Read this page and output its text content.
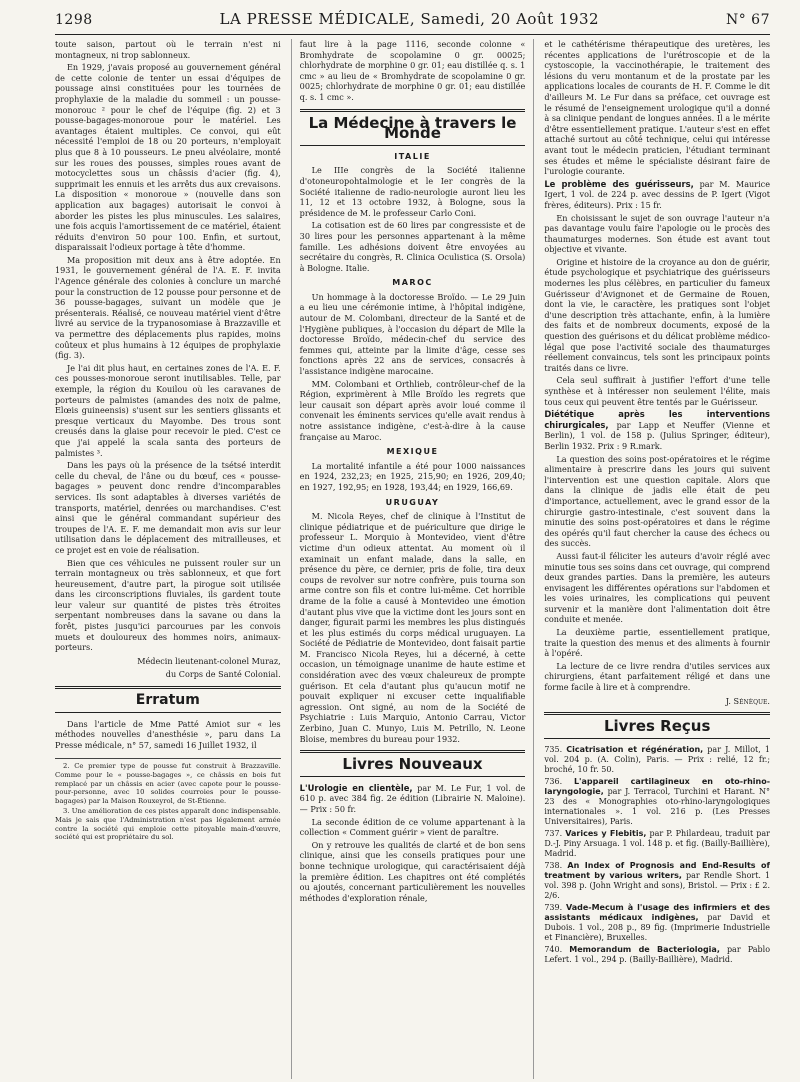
1298	LA PRESSE MÉDICALE, Samedi, 20 Août 1932	N° 67

toute saison, partout où le terrain n'est ni montagneux, ni trop sablonneux.

En 1929, j'avais proposé au gouvernement général de cette colonie de tenter un essai d'équipes de poussage ainsi constituées pour les tournées de prophylaxie de la maladie du sommeil : un pousse-monorouc ² pour le chef de l'équipe (fig. 2) et 3 pousse-bagages-monoroue pour le matériel. Les avantages étaient multiples. Ce convoi, qui eût nécessité l'emploi de 18 ou 20 porteurs, n'employait plus que 8 à 10 pousseurs. Le pneu alvéolaire, monté sur les roues des pousses, simples roues avant de motocyclettes sous un châssis d'acier (fig. 4), supprimait les ennuis et les arrêts dus aux crevaisons. La disposition « monoroue » (nouvelle dans son application aux bagages) autorisait le convoi à aborder les pistes les plus minuscules. Les salaires, une fois acquis l'amortissement de ce matériel, étaient réduits d'environ 50 pour 100. Enfin, et surtout, disparaissait l'odieux portage à tête d'homme.

Ma proposition mit deux ans à être adoptée. En 1931, le gouvernement général de l'A. E. F. invita l'Agence générale des colonies à conclure un marché pour la construction de 12 pousse pour personne et de 36 pousse-bagages, suivant un modèle que je présenterais. Réalisé, ce nouveau matériel vient d'être livré au service de la trypanosomiase à Brazzaville et va permettre des déplacements plus rapides, moins coûteux et plus humains à 12 équipes de prophylaxie (fig. 3).

Je l'ai dit plus haut, en certaines zones de l'A. E. F. ces pousses-monoroue seront inutilisables. Telle, par exemple, la région du Kouilou où les caravanes de porteurs de palmistes (amandes des noix de palme, Elœis guineensis) s'usent sur les sentiers glissants et presque verticaux du Mayombe. Des trous sont creusés dans la glaise pour recevoir le pied. C'est ce que j'ai appelé la scala santa des porteurs de palmistes ³.

Dans les pays où la présence de la tsétsé interdit celle du cheval, de l'âne ou du bœuf, ces « pousse-bagages » peuvent donc rendre d'incomparables services. Ils sont adaptables à diverses variétés de transports, matériel, denrées ou marchandises. C'est ainsi que le général commandant supérieur des troupes de l'A. E. F. me demandait mon avis sur leur utilisation dans le déplacement des mitrailleuses, et ce projet est en voie de réalisation.

Bien que ces véhicules ne puissent rouler sur un terrain montagneux ou très sablonneux, et que fort heureusement, d'autre part, la pirogue soit utilisée dans les circonscriptions fluviales, ils gardent toute leur valeur sur quantité de pistes très étroites serpentant nombreuses dans la savane ou dans la forêt, pistes jusqu'ici parcourues par les convois muets et douloureux des hommes noirs, animaux-porteurs.

Médecin lieutenant-colonel Muraz,

du Corps de Santé Colonial.

Erratum

Dans l'article de Mme Patté Amiot sur « les méthodes nouvelles d'anesthésie », paru dans La Presse médicale, n° 57, samedi 16 Juillet 1932, il

2. Ce premier type de pousse fut construit à Brazzaville. Comme pour le « pousse-bagages », ce châssis en bois fut remplacé par un châssis en acier (avec capote pour le pousse-pour-personne, avec 10 solides courroies pour le pousse-bagages) par la Maison Rouxeyrol, de St-Étienne.

3. Une amélioration de ces pistes apparaît donc indispensable. Mais je sais que l'Administration n'est pas légalement armée contre la société qui emploie cette pitoyable main-d'œuvre, société qui est propriétaire du sol.

faut lire à la page 1116, seconde colonne « Bromhydrate de scopolamine 0 gr. 00025; chlorhydrate de morphine 0 gr. 01; eau distillée q. s. 1 cmc » au lieu de « Bromhydrate de scopolamine 0 gr. 0025; chlorhydrate de morphine 0 gr. 01; eau distillée q. s. 1 cmc ».

La Médecine à travers le Monde
ITALIE

Le IIIe congrès de la Société italienne d'otoneuropohtalmologie et le Ier congrès de la Société italienne de radio-neurologie auront lieu les 11, 12 et 13 octobre 1932, à Bologne, sous la présidence de M. le professeur Carlo Coni.

La cotisation est de 60 lires par congressiste et de 30 lires pour les personnes appartenant à la même famille. Les adhésions doivent être envoyées au secrétaire du congrès, R. Clinica Oculistica (S. Orsola) à Bologne. Italie.

MAROC

Un hommage à la doctoresse Broïdo. — Le 29 Juin a eu lieu une cérémonie intime, à l'hôpital indigène, autour de M. Colombani, directeur de la Santé et de l'Hygiène publiques, à l'occasion du départ de Mlle la doctoresse Broïdo, médecin-chef du service des femmes qui, atteinte par la limite d'âge, cesse ses fonctions après 22 ans de services, consacrés à l'assistance indigène marocaine.

MM. Colombani et Orthlieb, contrôleur-chef de la Région, exprimèrent à Mlle Broïdo les regrets que leur causait son départ après avoir loué comme il convenait les éminents services qu'elle avait rendus à notre assistance indigène, c'est-à-dire à la cause française au Maroc.

MEXIQUE

La mortalité infantile a été pour 1000 naissances en 1924, 232,23; en 1925, 215,90; en 1926, 209,40; en 1927, 192,95; en 1928, 193,44; en 1929, 166,69.

URUGUAY

M. Nicola Reyes, chef de clinique à l'Institut de clinique pédiatrique et de puériculture que dirige le professeur L. Morquio à Montevideo, vient d'être victime d'un odieux attentat. Au moment où il examinait un enfant malade, dans la salle, en présence du père, ce dernier, pris de folie, tira deux coups de revolver sur notre confrère, puis tourna son arme contre son fils et contre lui-même. Cet horrible drame de la folie a causé à Montevideo une émotion d'autant plus vive que la victime dont les jours sont en danger, figurait parmi les membres les plus distingués et les plus estimés du corps médical uruguayen. La Société de Pédiatrie de Montevideo, dont faisait partie M. Francisco Nicola Reyes, lui a décerné, à cette occasion, un témoignage unanime de haute estime et considération avec des vœux chaleureux de prompte guérison. Et cela d'autant plus qu'aucun motif ne pouvait expliquer ni excuser cette inqualifiable agression. Ont signé, au nom de la Société de Psychiatrie : Luis Marquio, Antonio Carrau, Victor Zerbino, Juan C. Munyo, Luis M. Petrillo, N. Leone Bloise, membres du bureau pour 1932.

Livres Nouveaux

L'Urologie en clientèle, par M. Le Fur, 1 vol. de 610 p. avec 384 fig. 2e édition (Librairie N. Maloine). — Prix : 50 fr.

La seconde édition de ce volume appartenant à la collection « Comment guérir » vient de paraître.

On y retrouve les qualités de clarté et de bon sens clinique, ainsi que les conseils pratiques pour une bonne technique urologique, qui caractérisaient déjà la première édition. Les chapitres ont été complétés ou ajoutés, concernant particulièrement les nouvelles méthodes d'exploration rénale,

et le cathétérisme thérapeutique des uretères, les récentes applications de l'urétroscopie et de la cystoscopie, la vaccinothérapie, le traitement des lésions du veru montanum et de la prostate par les applications locales de courants de H. F. Comme le dit d'ailleurs M. Le Fur dans sa préface, cet ouvrage est le résumé de l'enseignement urologique qu'il a donné à sa clinique pendant de longues années. Il a le mérite d'être essentiellement pratique. L'auteur s'est en effet attaché surtout au côté technique, celui qui intéresse avant tout le médecin praticien, l'étudiant terminant ses études et même le spécialiste désirant faire de l'urologie courante.

Le problème des guérisseurs, par M. Maurice Igert, 1 vol. de 224 p. avec dessins de P. Igert (Vigot frères, éditeurs). Prix : 15 fr.

En choisissant le sujet de son ouvrage l'auteur n'a pas davantage voulu faire l'apologie ou le procès des thaumaturges modernes. Son étude est avant tout objective et vivante.

Origine et histoire de la croyance au don de guérir, étude psychologique et psychiatrique des guérisseurs modernes les plus célèbres, en particulier du fameux Guérisseur d'Avignonet et de Germaine de Rouen, dont la vie, le caractère, les pratiques sont l'objet d'une description très attachante, enfin, à la lumière des faits et de nombreux documents, exposé de la question des guérisons et du délicat problème médico-légal que pose l'activité sociale des thaumaturges réellement convaincus, tels sont les principaux points traités dans ce livre.

Cela seul suffirait à justifier l'effort d'une telle synthèse et à intéresser non seulement l'élite, mais tous ceux qui peuvent être tentés par le Guérisseur.

Diététique après les interventions chirurgicales, par Lapp et Neuffer (Vienne et Berlin), 1 vol. de 158 p. (Julius Springer, éditeur), Berlin 1932. Prix : 9 R.mark.

La question des soins post-opératoires et le régime alimentaire à prescrire dans les jours qui suivent l'intervention est une question capitale. Alors que dans la clinique de jadis elle était de peu d'importance, actuellement, avec le grand essor de la chirurgie gastro-intestinale, c'est souvent dans la minutie des soins post-opératoires et dans le régime des opérés qu'il faut chercher la cause des échecs ou des succès.

Aussi faut-il féliciter les auteurs d'avoir réglé avec minutie tous ses soins dans cet ouvrage, qui comprend deux grandes parties. Dans la première, les auteurs envisagent les différentes opérations sur l'abdomen et les voies urinaires, les complications qui peuvent survenir et la manière dont l'alimentation doit être conduite et menée.

La deuxième partie, essentiellement pratique, traite la question des menus et des aliments à fournir à l'opéré.

La lecture de ce livre rendra d'utiles services aux chirurgiens, étant parfaitement réligé et dans une forme facile à lire et à comprendre.

J. Sénèque.

Livres Reçus

735. Cicatrisation et régénération, par J. Millot, 1 vol. 204 p. (A. Colin), Paris. — Prix : relié, 12 fr.; broché, 10 fr. 50.

736. L'appareil cartilagineux en oto-rhino-laryngologie, par J. Terracol, Turchini et Harant. N° 23 des « Monographies oto-rhino-laryngologiques internationales ». 1 vol. 216 p. (Les Presses Universitaires), Paris.

737. Varices y Flebitis, par P. Philardeau, traduit par D.-J. Piny Arsuaga. 1 vol. 148 p. et fig. (Bailly-Baillière), Madrid.

738. An Index of Prognosis and End-Results of treatment by various writers, par Rendle Short. 1 vol. 398 p. (John Wright and sons), Bristol. — Prix : £ 2. 2/6.

739. Vade-Mecum à l'usage des infirmiers et des assistants médicaux indigènes, par David et Dubois. 1 vol., 208 p., 89 fig. (Imprimerie Industrielle et Financière), Bruxelles.

740. Memorandum de Bacteriologia, par Pablo Lefert. 1 vol., 294 p. (Bailly-Baillière), Madrid.
